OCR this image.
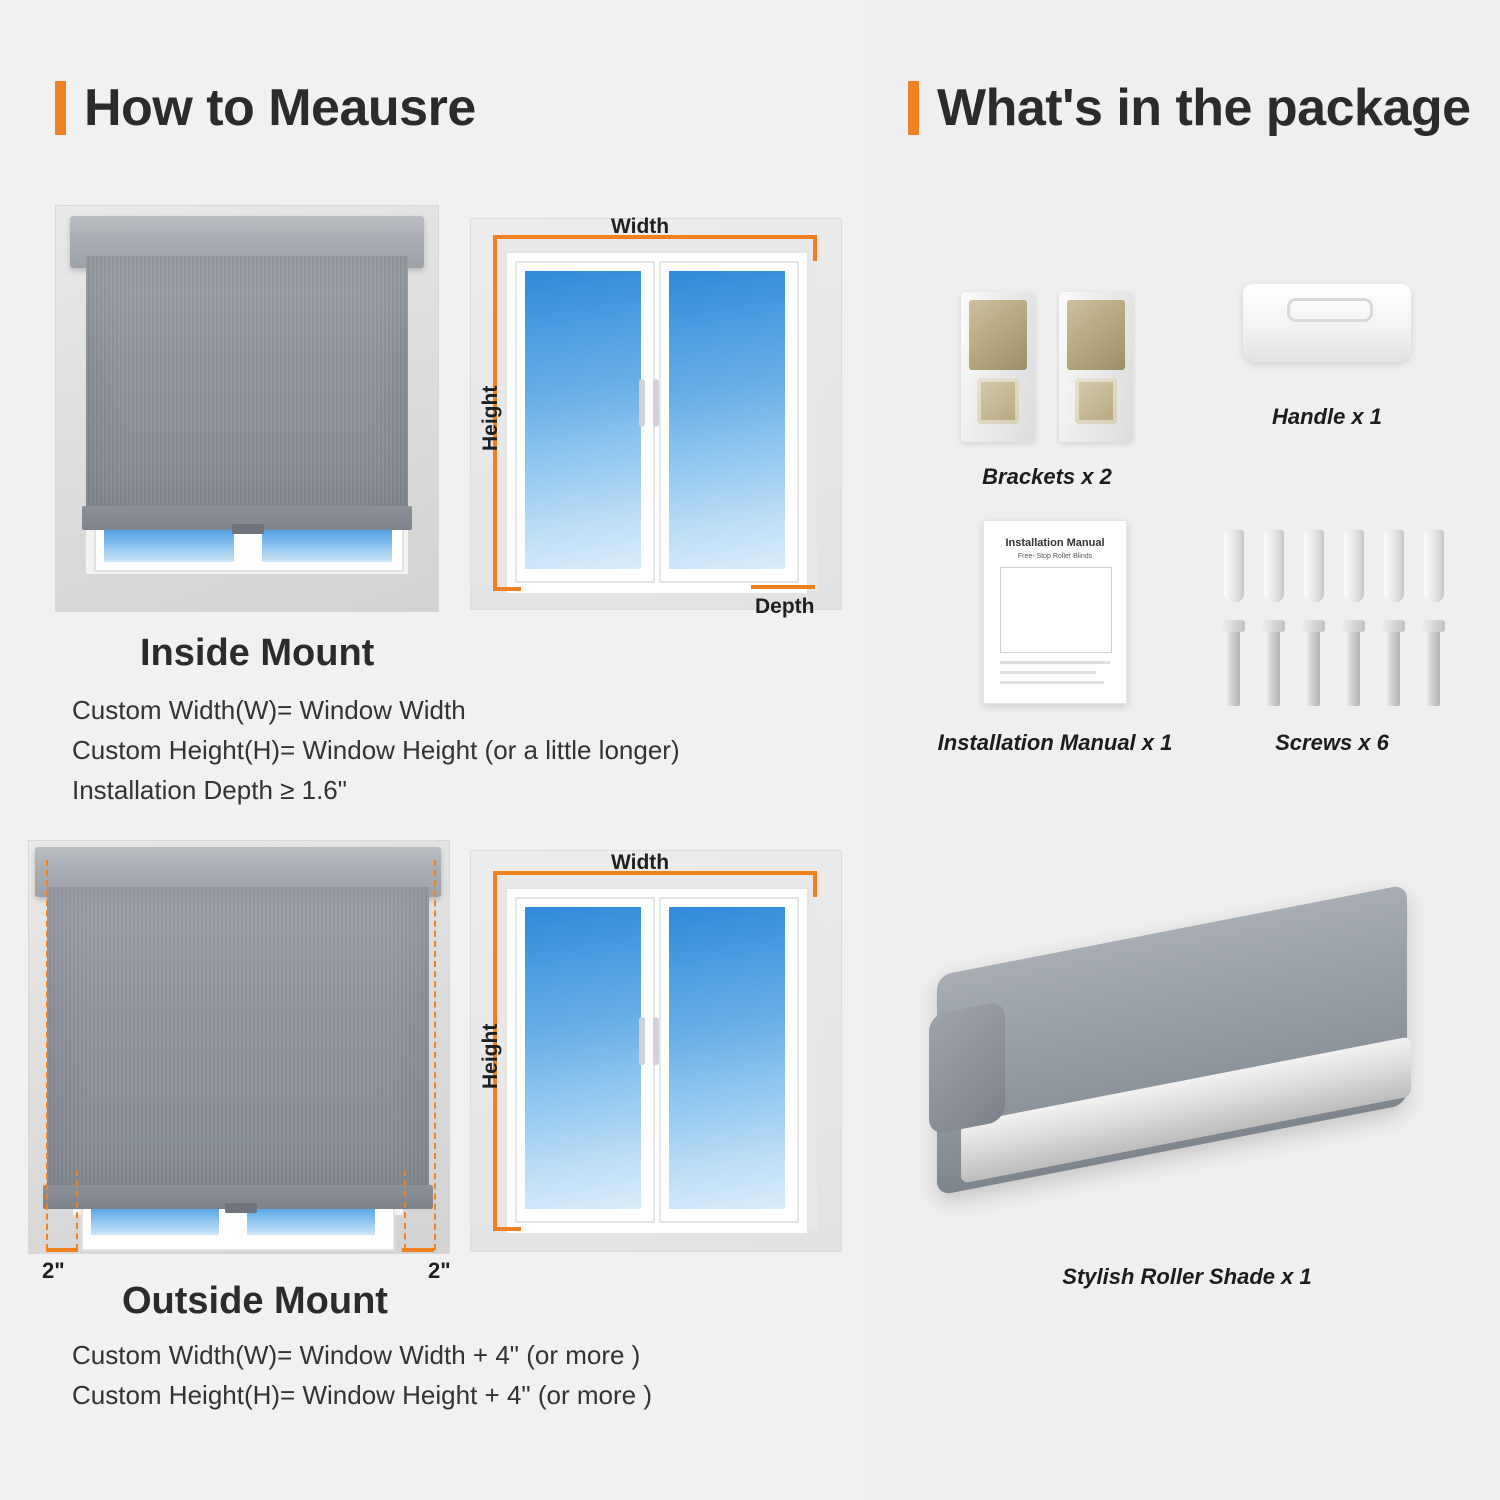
How to Meausre
Width
Height
Depth
Inside Mount
Custom Width(W)= Window Width
Custom Height(H)= Window Height (or a little longer)
Installation Depth ≥ 1.6"
2"	2"
Width
Height
Outside Mount
Custom Width(W)= Window Width + 4" (or more )
Custom Height(H)= Window Height + 4" (or more )
What's in the package
Brackets x 2
Handle x 1
Installation Manual
Free- Stop Roller Blinds
Installation Manual x 1	Screws x 6
Stylish Roller Shade x 1
